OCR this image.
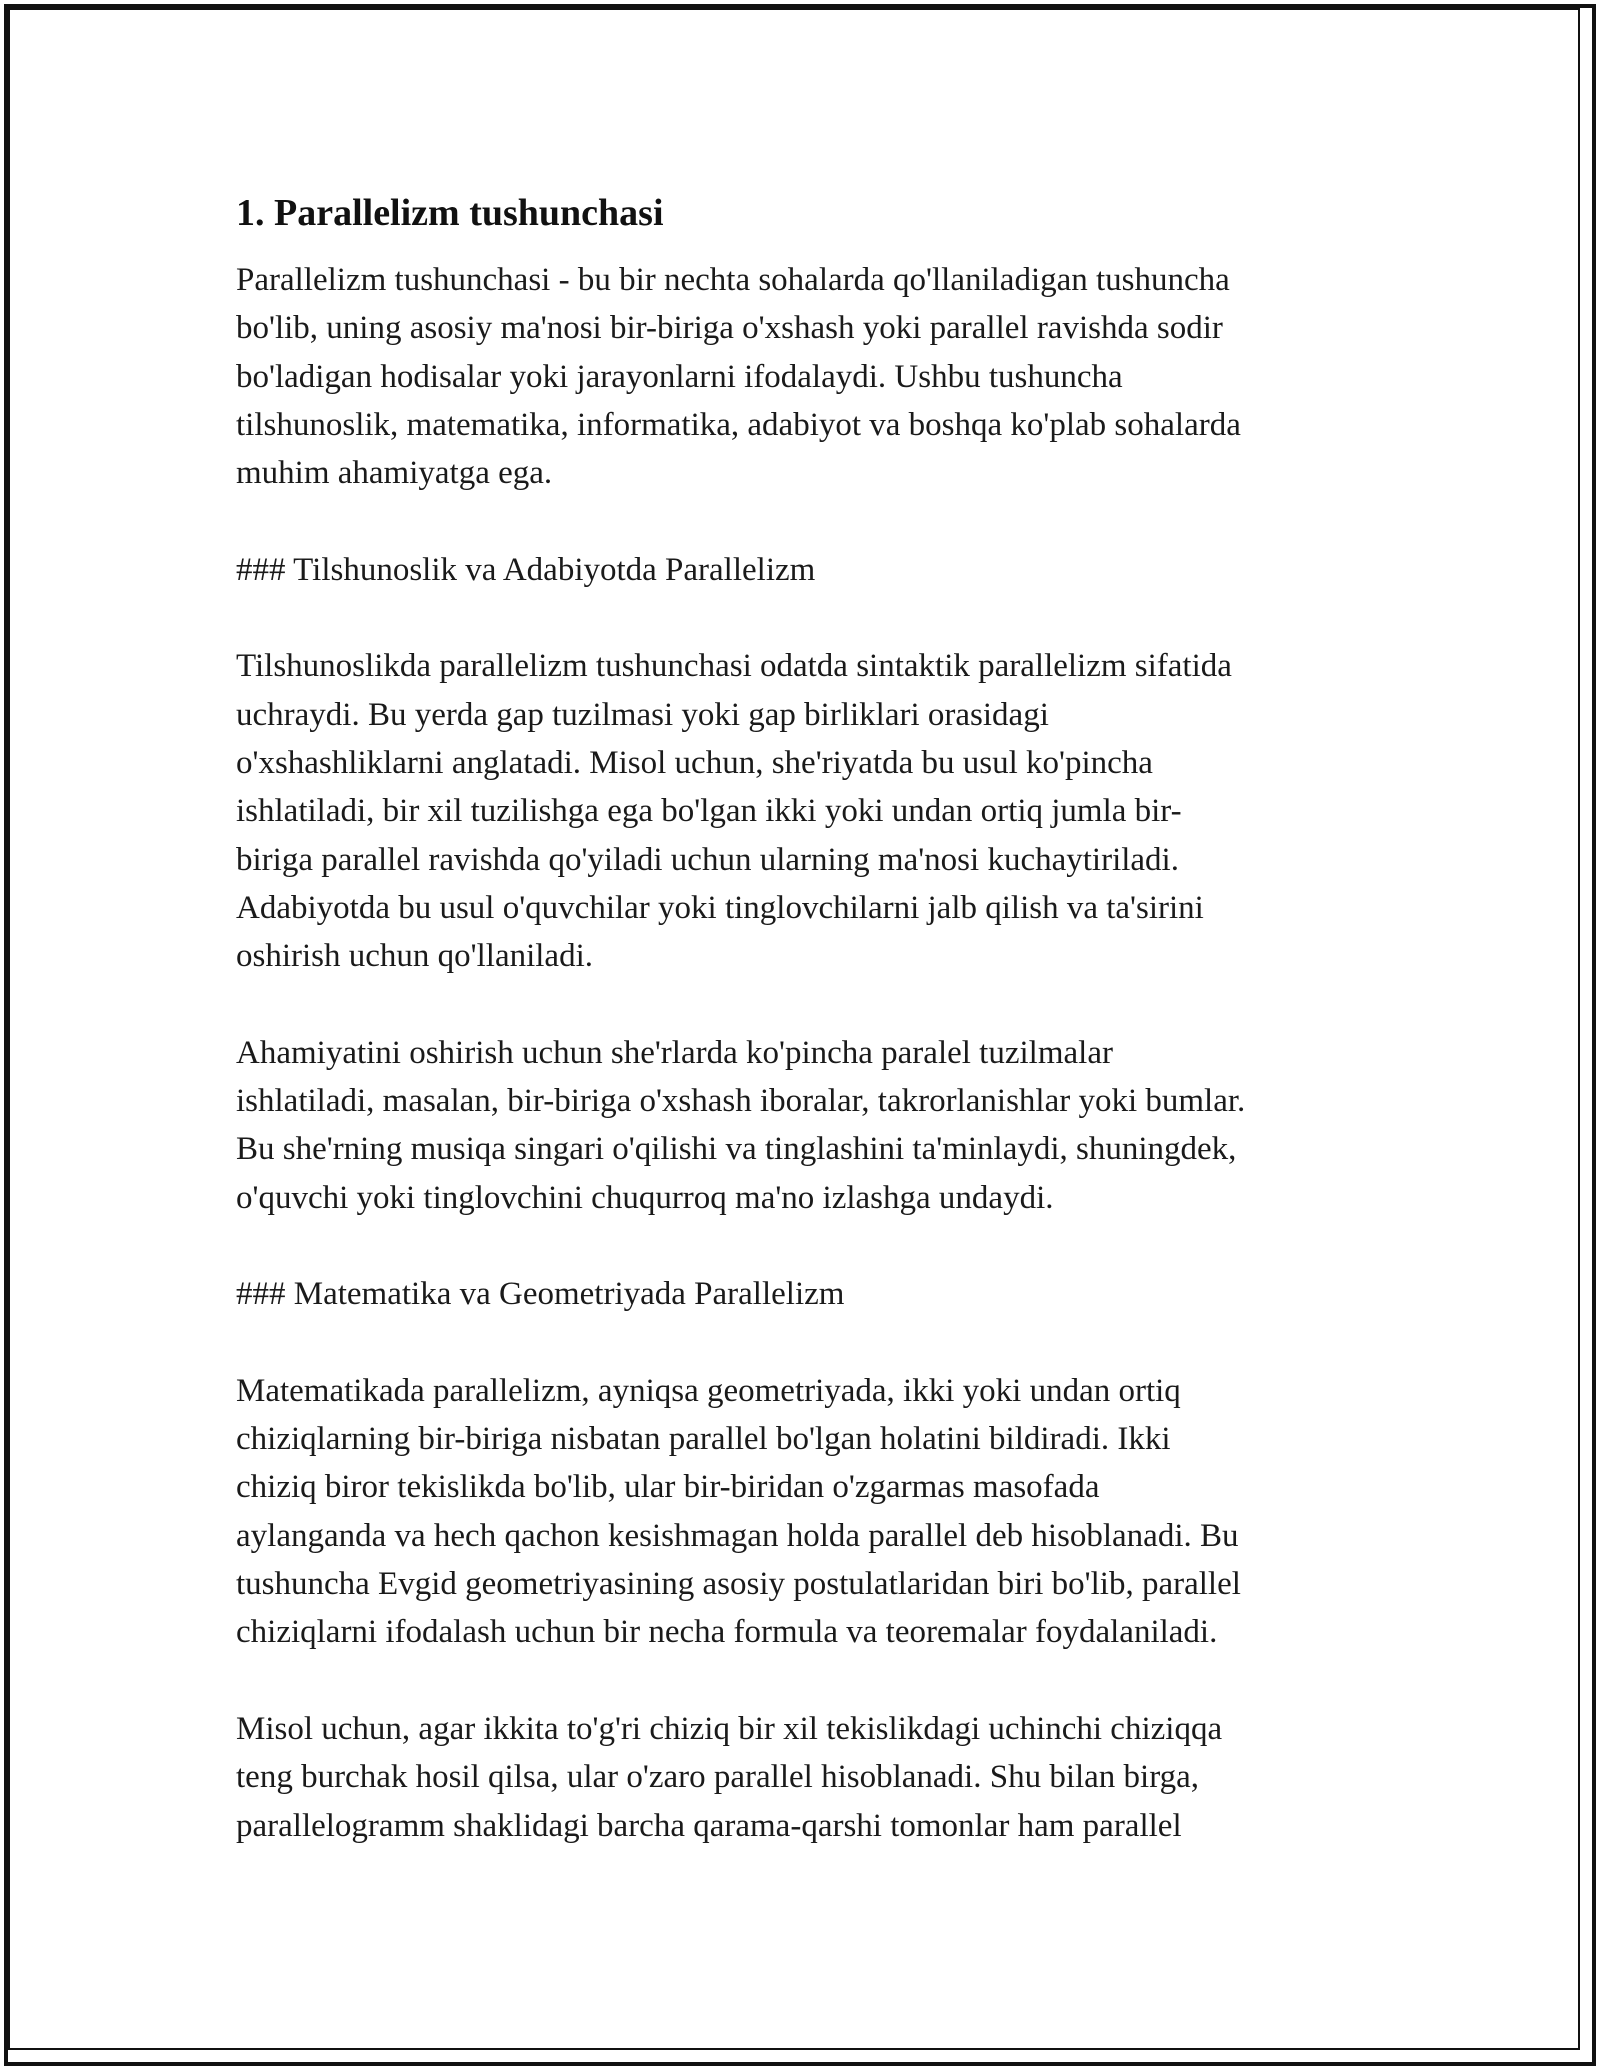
1. Parallelizm tushunchasi

Parallelizm tushunchasi - bu bir nechta sohalarda qo'llaniladigan tushuncha
bo'lib, uning asosiy ma'nosi bir-biriga o'xshash yoki parallel ravishda sodir
bo'ladigan hodisalar yoki jarayonlarni ifodalaydi. Ushbu tushuncha
tilshunoslik, matematika, informatika, adabiyot va boshqa ko'plab sohalarda
muhim ahamiyatga ega.

### Tilshunoslik va Adabiyotda Parallelizm

Tilshunoslikda parallelizm tushunchasi odatda sintaktik parallelizm sifatida
uchraydi. Bu yerda gap tuzilmasi yoki gap birliklari orasidagi
o'xshashliklarni anglatadi. Misol uchun, she'riyatda bu usul ko'pincha
ishlatiladi, bir xil tuzilishga ega bo'lgan ikki yoki undan ortiq jumla bir-
biriga parallel ravishda qo'yiladi uchun ularning ma'nosi kuchaytiriladi.
Adabiyotda bu usul o'quvchilar yoki tinglovchilarni jalb qilish va ta'sirini
oshirish uchun qo'llaniladi.

Ahamiyatini oshirish uchun she'rlarda ko'pincha paralel tuzilmalar
ishlatiladi, masalan, bir-biriga o'xshash iboralar, takrorlanishlar yoki bumlar.
Bu she'rning musiqa singari o'qilishi va tinglashini ta'minlaydi, shuningdek,
o'quvchi yoki tinglovchini chuqurroq ma'no izlashga undaydi.

### Matematika va Geometriyada Parallelizm

Matematikada parallelizm, ayniqsa geometriyada, ikki yoki undan ortiq
chiziqlarning bir-biriga nisbatan parallel bo'lgan holatini bildiradi. Ikki
chiziq biror tekislikda bo'lib, ular bir-biridan o'zgarmas masofada
aylanganda va hech qachon kesishmagan holda parallel deb hisoblanadi. Bu
tushuncha Evgid geometriyasining asosiy postulatlaridan biri bo'lib, parallel
chiziqlarni ifodalash uchun bir necha formula va teoremalar foydalaniladi.

Misol uchun, agar ikkita to'g'ri chiziq bir xil tekislikdagi uchinchi chiziqqa
teng burchak hosil qilsa, ular o'zaro parallel hisoblanadi. Shu bilan birga,
parallelogramm shaklidagi barcha qarama-qarshi tomonlar ham parallel
